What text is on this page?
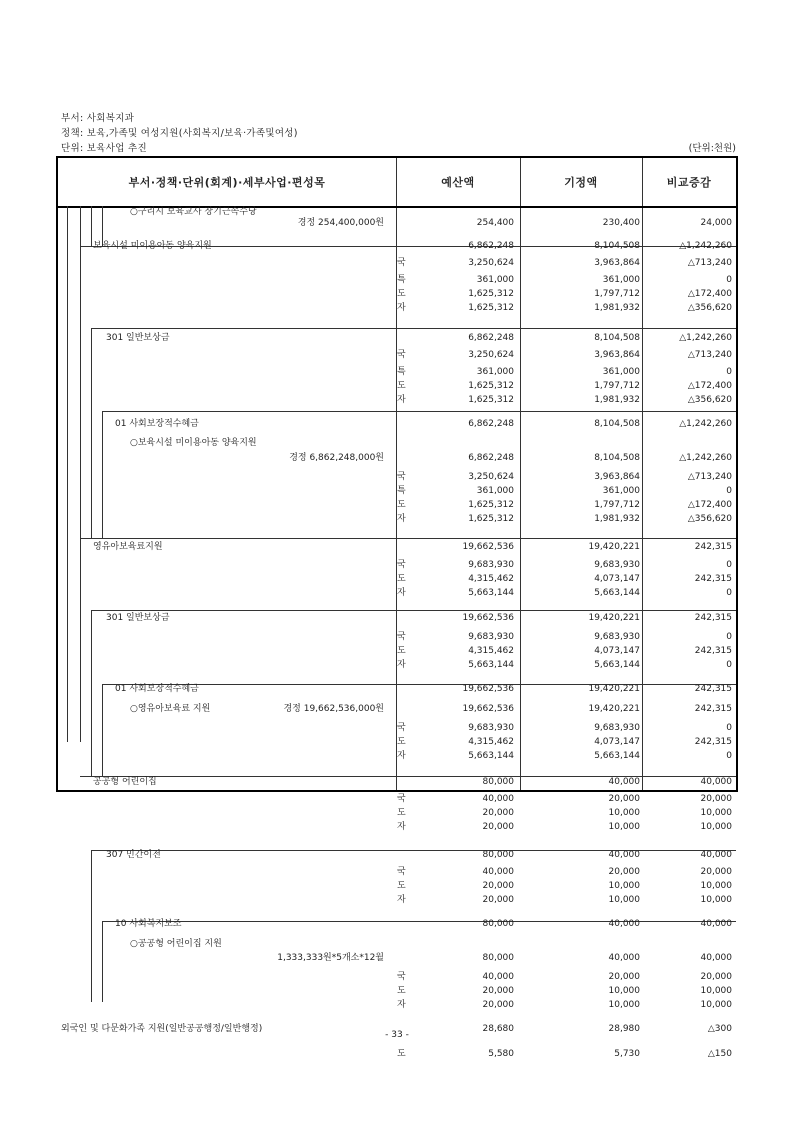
부서: 사회복지과
정책: 보육,가족및 여성지원(사회복지/보육·가족및여성)
단위: 보육사업 추진	(단위:천원)
부서·정책·단위(회계)·세부사업·편성목	예산액	기정액	비교증감
○구리시 보육교사 장기근속수당
경정 254,400,000원	254,400	230,400	24,000
보육시설 미이용아동 양육지원	6,862,248	8,104,508	△1,242,260
국	3,250,624	3,963,864	△713,240
특	361,000	361,000	0
도	1,625,312	1,797,712	△172,400
자	1,625,312	1,981,932	△356,620
301 일반보상금	6,862,248	8,104,508	△1,242,260
국	3,250,624	3,963,864	△713,240
특	361,000	361,000	0
도	1,625,312	1,797,712	△172,400
자	1,625,312	1,981,932	△356,620
01 사회보장적수혜금	6,862,248	8,104,508	△1,242,260
○보육시설 미이용아동 양육지원
경정 6,862,248,000원	6,862,248	8,104,508	△1,242,260
국	3,250,624	3,963,864	△713,240
특	361,000	361,000	0
도	1,625,312	1,797,712	△172,400
자	1,625,312	1,981,932	△356,620
영유아보육료지원	19,662,536	19,420,221	242,315
국	9,683,930	9,683,930	0
도	4,315,462	4,073,147	242,315
자	5,663,144	5,663,144	0
301 일반보상금	19,662,536	19,420,221	242,315
국	9,683,930	9,683,930	0
도	4,315,462	4,073,147	242,315
자	5,663,144	5,663,144	0
01 사회보장적수혜금	19,662,536	19,420,221	242,315
○영유아보육료 지원	경정 19,662,536,000원	19,662,536	19,420,221	242,315
국	9,683,930	9,683,930	0
도	4,315,462	4,073,147	242,315
자	5,663,144	5,663,144	0
공공형 어린이집	80,000	40,000	40,000
국	40,000	20,000	20,000
도	20,000	10,000	10,000
자	20,000	10,000	10,000
307 민간이전	80,000	40,000	40,000
국	40,000	20,000	20,000
도	20,000	10,000	10,000
자	20,000	10,000	10,000
10 사회복지보조	80,000	40,000	40,000
○공공형 어린이집 지원
1,333,333원*5개소*12월	80,000	40,000	40,000
국	40,000	20,000	20,000
도	20,000	10,000	10,000
자	20,000	10,000	10,000
외국인 및 다문화가족 지원(일반공공행정/일반행정)	28,680	28,980	△300
도	5,580	5,730	△150
- 33 -
